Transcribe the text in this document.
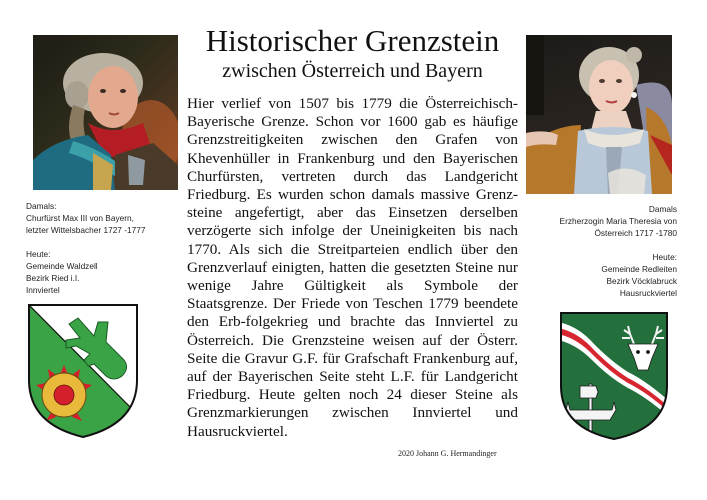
Historischer Grenzstein
zwischen Österreich und Bayern
Damals:
Churfürst Max III von Bayern,
letzter Wittelsbacher 1727 -1777
Heute:
Gemeinde Waldzell
Bezirk Ried i.I.
Innviertel
Hier verlief von 1507 bis 1779 die Österreichisch-Bayerische Grenze. Schon vor 1600 gab es häufige Grenzstreitigkeiten zwischen den Grafen von Khevenhüller in Frankenburg und den Bayerischen Churfürsten, vertreten durch das Landgericht Friedburg. Es wurden schon damals massive Grenz-steine angefertigt, aber das Einsetzen derselben verzögerte sich infolge der Uneinigkeiten bis nach 1770. Als sich die Streitparteien endlich über den Grenzverlauf einigten, hatten die gesetzten Steine nur wenige Jahre Gültigkeit als Symbole der Staatsgrenze. Der Friede von Teschen 1779 beendete den Erb-folgekrieg und brachte das Innviertel zu Österreich. Die Grenzsteine weisen auf der Österr. Seite die Gravur G.F. für Grafschaft Frankenburg auf, auf der Bayerischen Seite steht L.F. für Landgericht Friedburg. Heute gelten noch 24 dieser Steine als Grenzmarkierungen zwischen Innviertel und Hausruckviertel.
2020 Johann G. Hermandinger
Damals
Erzherzogin Maria Theresia von
Österreich 1717 -1780
Heute:
Gemeinde Redleiten
Bezirk Vöcklabruck
Hausruckviertel
